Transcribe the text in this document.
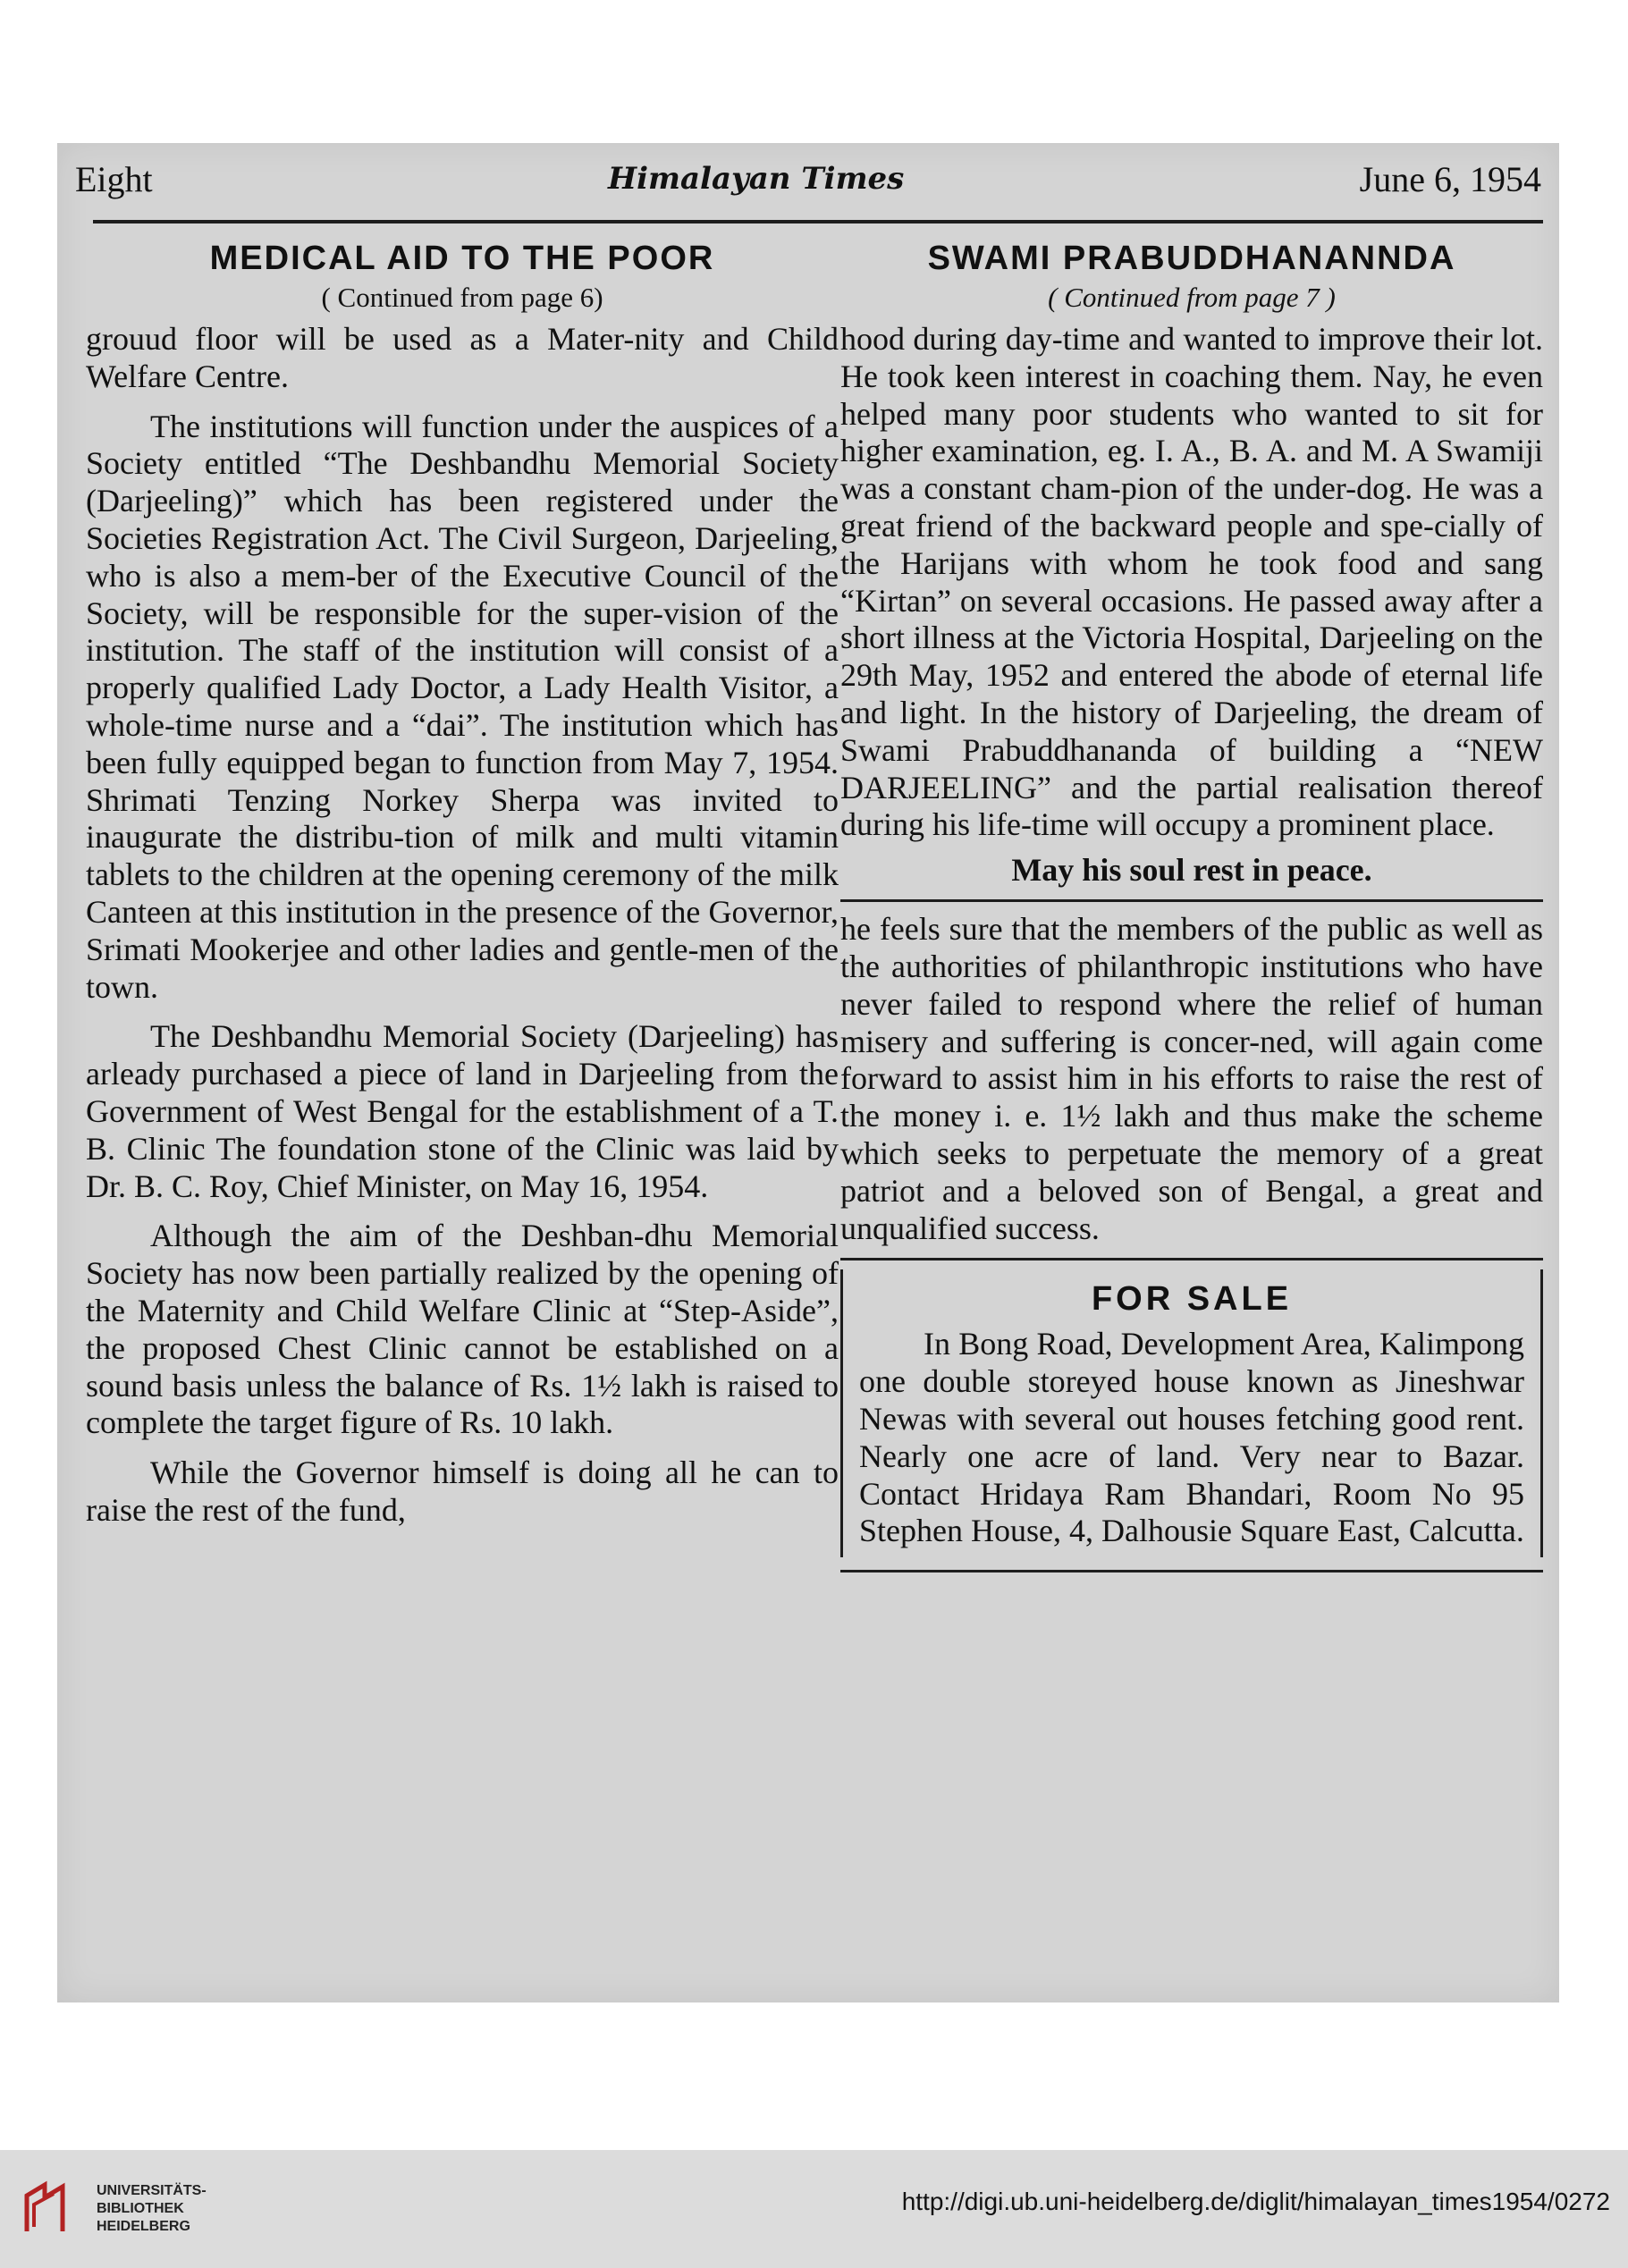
Eight	Himalayan Times	June 6, 1954
MEDICAL AID TO THE POOR

( Continued from page 6)

grouud floor will be used as a Mater-nity and Child Welfare Centre.

The institutions will function under the auspices of a Society entitled “The Deshbandhu Memorial Society (Darjeeling)” which has been registered under the Societies Registration Act. The Civil Surgeon, Darjeeling, who is also a mem-ber of the Executive Council of the Society, will be responsible for the super-vision of the institution. The staff of the institution will consist of a properly qualified Lady Doctor, a Lady Health Visitor, a whole-time nurse and a “dai”. The institution which has been fully equipped began to function from May 7, 1954. Shrimati Tenzing Norkey Sherpa was invited to inaugurate the distribu-tion of milk and multi vitamin tablets to the children at the opening ceremony of the milk Canteen at this institution in the presence of the Governor, Srimati Mookerjee and other ladies and gentle-men of the town.

The Deshbandhu Memorial Society (Darjeeling) has arleady purchased a piece of land in Darjeeling from the Government of West Bengal for the establishment of a T. B. Clinic The foundation stone of the Clinic was laid by Dr. B. C. Roy, Chief Minister, on May 16, 1954.

Although the aim of the Deshban-dhu Memorial Society has now been partially realized by the opening of the Maternity and Child Welfare Clinic at “Step-Aside”, the proposed Chest Clinic cannot be established on a sound basis unless the balance of Rs. 1½ lakh is raised to complete the target figure of Rs. 10 lakh.

While the Governor himself is doing all he can to raise the rest of the fund,

SWAMI PRABUDDHANANNDA

( Continued from page 7 )

hood during day-time and wanted to improve their lot. He took keen interest in coaching them. Nay, he even helped many poor students who wanted to sit for higher examination, eg. I. A., B. A. and M. A Swamiji was a constant cham-pion of the under-dog. He was a great friend of the backward people and spe-cially of the Harijans with whom he took food and sang “Kirtan” on several occasions. He passed away after a short illness at the Victoria Hospital, Darjeeling on the 29th May, 1952 and entered the abode of eternal life and light. In the history of Darjeeling, the dream of Swami Prabuddhananda of building a “NEW DARJEELING” and the partial realisation thereof during his life-time will occupy a prominent place.

May his soul rest in peace.

he feels sure that the members of the public as well as the authorities of philanthropic institutions who have never failed to respond where the relief of human misery and suffering is concer-ned, will again come forward to assist him in his efforts to raise the rest of the money i. e. 1½ lakh and thus make the scheme which seeks to perpetuate the memory of a great patriot and a beloved son of Bengal, a great and unqualified success.

FOR SALE

In Bong Road, Development Area, Kalimpong one double storeyed house known as Jineshwar Newas with several out houses fetching good rent. Nearly one acre of land. Very near to Bazar. Contact Hridaya Ram Bhandari, Room No 95 Stephen House, 4, Dalhousie Square East, Calcutta.

UNIVERSITÄTS-
BIBLIOTHEK
HEIDELBERG
http://digi.ub.uni-heidelberg.de/diglit/himalayan_times1954/0272
